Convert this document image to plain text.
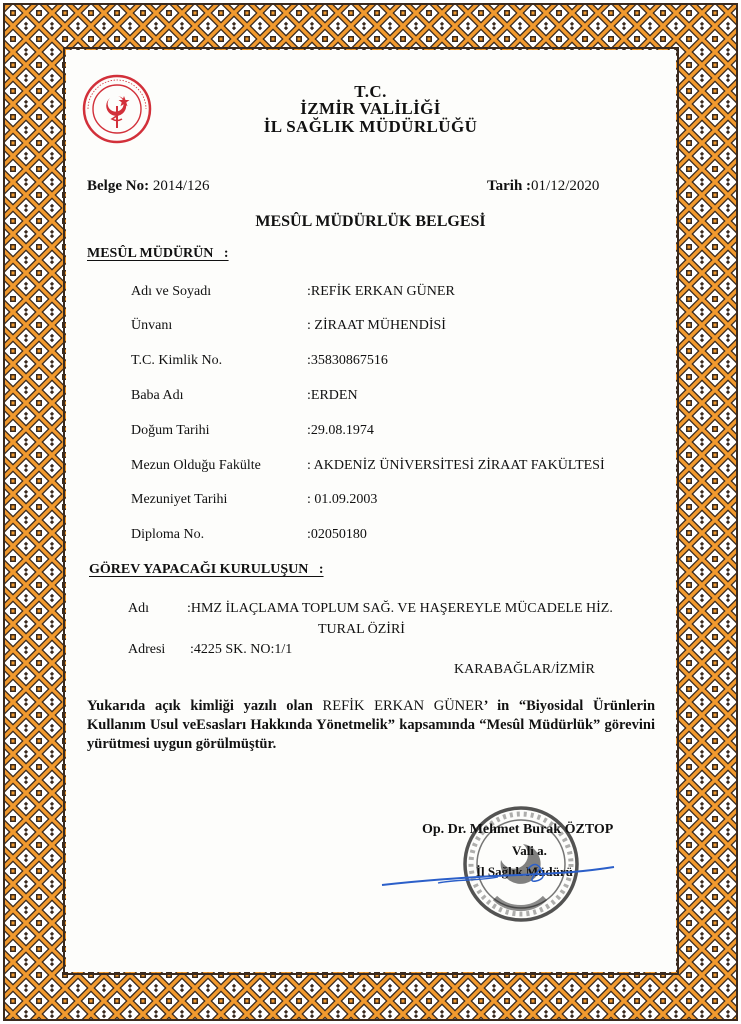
T.C.
İZMİR VALİLİĞİ
İL SAĞLIK MÜDÜRLÜĞÜ
Belge No: 2014/126	Tarih :01/12/2020
MESÛL MÜDÜRLÜK BELGESİ
MESÛL MÜDÜRÜN   :
Adı ve Soyadı	:REFİK ERKAN GÜNER
Ünvanı	: ZİRAAT MÜHENDİSİ
T.C. Kimlik No.	:35830867516
Baba Adı	:ERDEN
Doğum Tarihi	:29.08.1974
Mezun Olduğu Fakülte	: AKDENİZ ÜNİVERSİTESİ ZİRAAT FAKÜLTESİ
Mezuniyet Tarihi	: 01.09.2003
Diploma No.	:02050180
GÖREV YAPACAĞI KURULUŞUN   :
Adı	:HMZ İLAÇLAMA TOPLUM SAĞ. VE HAŞEREYLE MÜCADELE HİZ.
TURAL ÖZİRİ
Adresi :4225 SK. NO:1/1
KARABAĞLAR/İZMİR
Yukarıda açık kimliği yazılı olan REFİK ERKAN GÜNER’ in “Biyosidal Ürünlerin Kullanım Usul veEsasları Hakkında Yönetmelik” kapsamında “Mesûl Müdürlük” görevini yürütmesi uygun görülmüştür.
Op. Dr. Mehmet Burak ÖZTOP
Vali a.
İl Sağlık Müdürü
